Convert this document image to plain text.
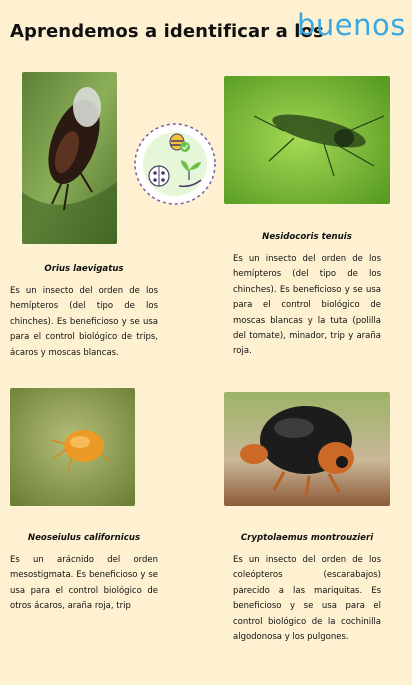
Aprendemos a identificar a los
buenos
Orius laevigatus
Es un insecto del orden de los hemípteros (del tipo de los chinches). Es beneficioso y se usa para el control biológico de trips, ácaros y moscas blancas.
Nesidocoris tenuis
Es un insecto del orden de los hemípteros (del tipo de los chinches). Es beneficioso y se usa para el control biológico de moscas blancas y la tuta (polilla del tomate), minador, trip y araña roja.
Neoseiulus californicus
Es un arácnido del orden mesostigmata. Es beneficioso y se usa para el control biológico de otros ácaros, araña roja, trip
Cryptolaemus montrouzieri
Es un insecto del orden de los coleópteros (escarabajos) parecido a las mariquitas. Es beneficioso y se usa para el control biológico de la cochinilla algodonosa y los pulgones.
